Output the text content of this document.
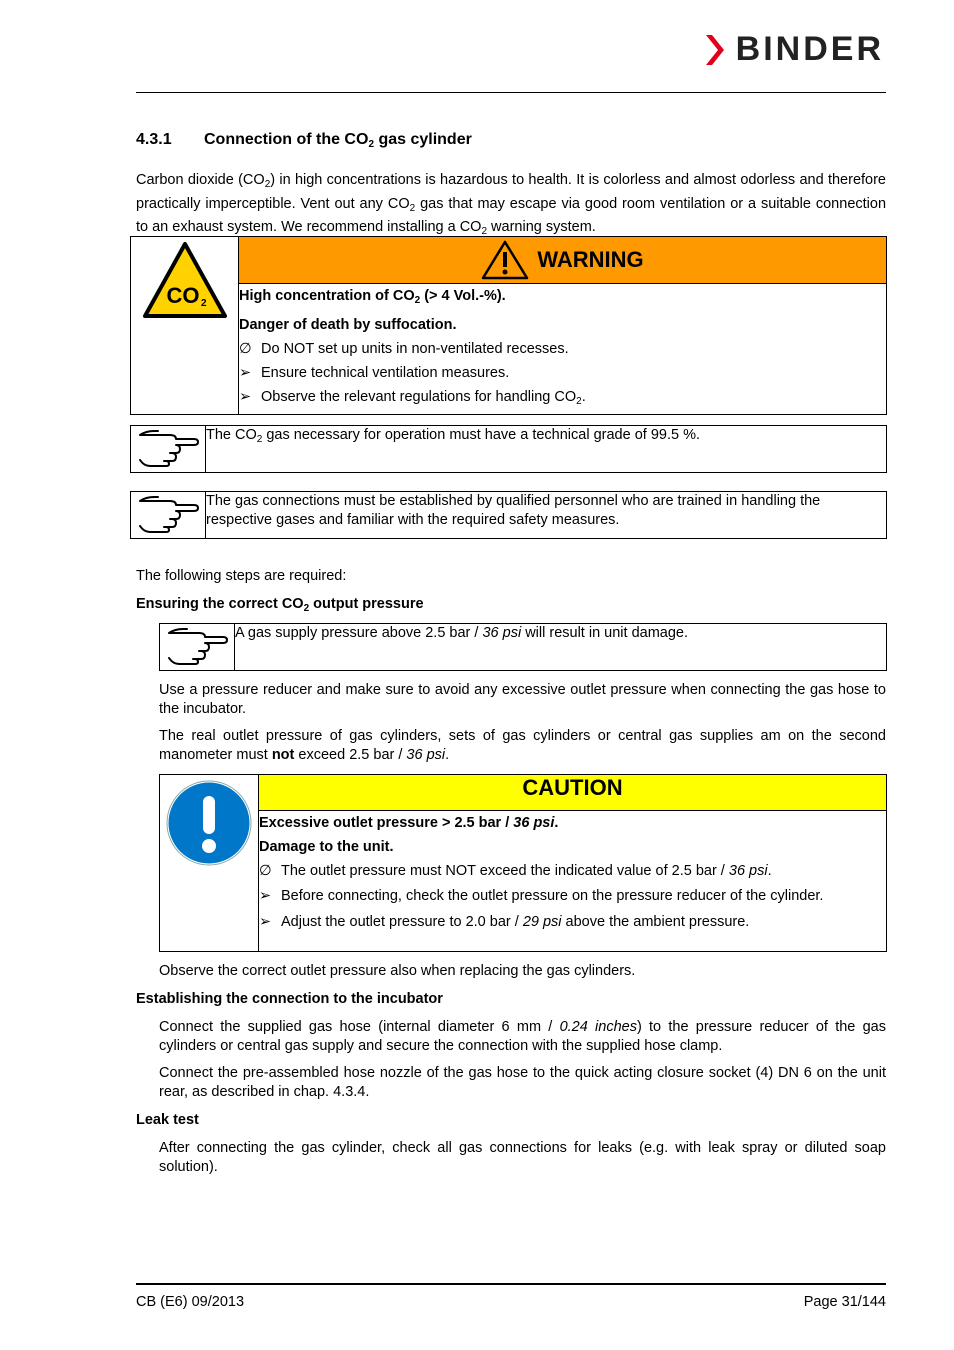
BINDER
4.3.1 Connection of the $CO_2$ gas cylinder
Carbon dioxide $(CO_2)$ in high concentrations is hazardous to health. It is colorless and almost odorless and therefore practically imperceptible. Vent out any $CO_2$ gas that may escape via good room ventilation or a suitable connection to an exhaust system. We recommend installing a $CO_2$ warning system.
CO 2

WARNING

High concentration of $CO_2$ (> 4 Vol.-%).
Danger of death by suffocation.
∅ Do NOT set up units in non-ventilated recesses.
➢ Ensure technical ventilation measures.
➢ Observe the relevant regulations for handling $CO_2$.
	The $CO_2$ gas necessary for operation must have a technical grade of 99.5 %.
	The gas connections must be established by qualified personnel who are trained in handling the respective gases and familiar with the required safety measures.
The following steps are required:
Ensuring the correct $CO_2$ output pressure
	A gas supply pressure above 2.5 bar / 36 psi will result in unit damage.
Use a pressure reducer and make sure to avoid any excessive outlet pressure when connecting the gas hose to the incubator.
The real outlet pressure of gas cylinders, sets of gas cylinders or central gas supplies am on the second manometer must not exceed 2.5 bar / 36 psi.
	CAUTION

Excessive outlet pressure > 2.5 bar / 36 psi.
Damage to the unit.
∅ The outlet pressure must NOT exceed the indicated value of 2.5 bar / 36 psi.
➢ Before connecting, check the outlet pressure on the pressure reducer of the cylinder.
➢ Adjust the outlet pressure to 2.0 bar / 29 psi above the ambient pressure.
Observe the correct outlet pressure also when replacing the gas cylinders.
Establishing the connection to the incubator
Connect the supplied gas hose (internal diameter 6 mm / 0.24 inches) to the pressure reducer of the gas cylinders or central gas supply and secure the connection with the supplied hose clamp.
Connect the pre-assembled hose nozzle of the gas hose to the quick acting closure socket (4) DN 6 on the unit rear, as described in chap. 4.3.4.
Leak test
After connecting the gas cylinder, check all gas connections for leaks (e.g. with leak spray or diluted soap solution).
CB (E6) 09/2013	Page 31/144
